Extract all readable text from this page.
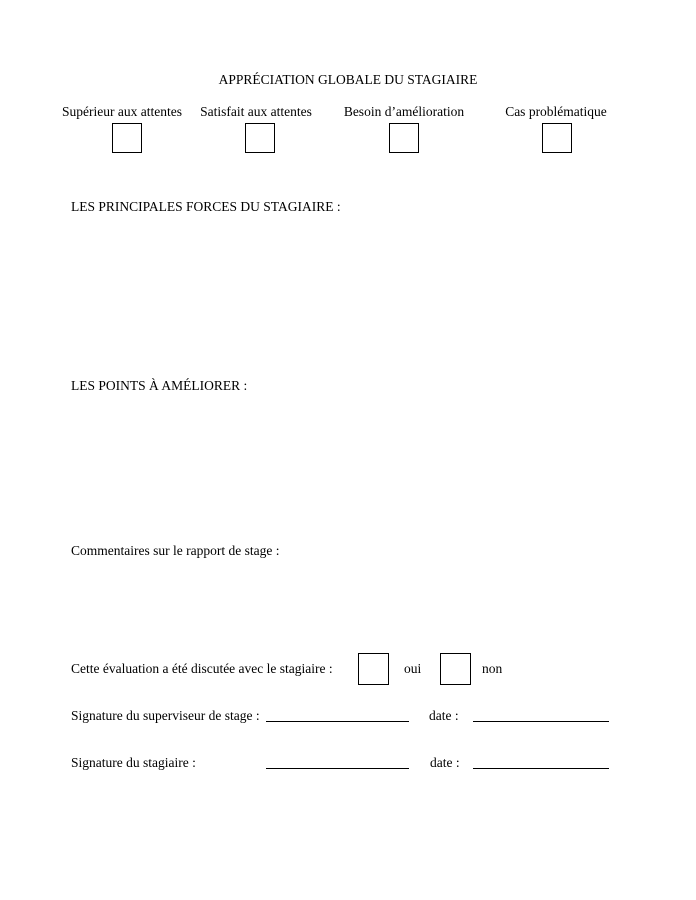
APPRÉCIATION GLOBALE DU STAGIAIRE
Supérieur aux attentes	Satisfait aux attentes	Besoin d’amélioration	Cas problématique
LES PRINCIPALES FORCES DU STAGIAIRE :
LES POINTS À AMÉLIORER :
Commentaires sur le rapport de stage :
Cette évaluation a été discutée avec le stagiaire :	oui	non
Signature du superviseur de stage :	date :
Signature du stagiaire :	date :
